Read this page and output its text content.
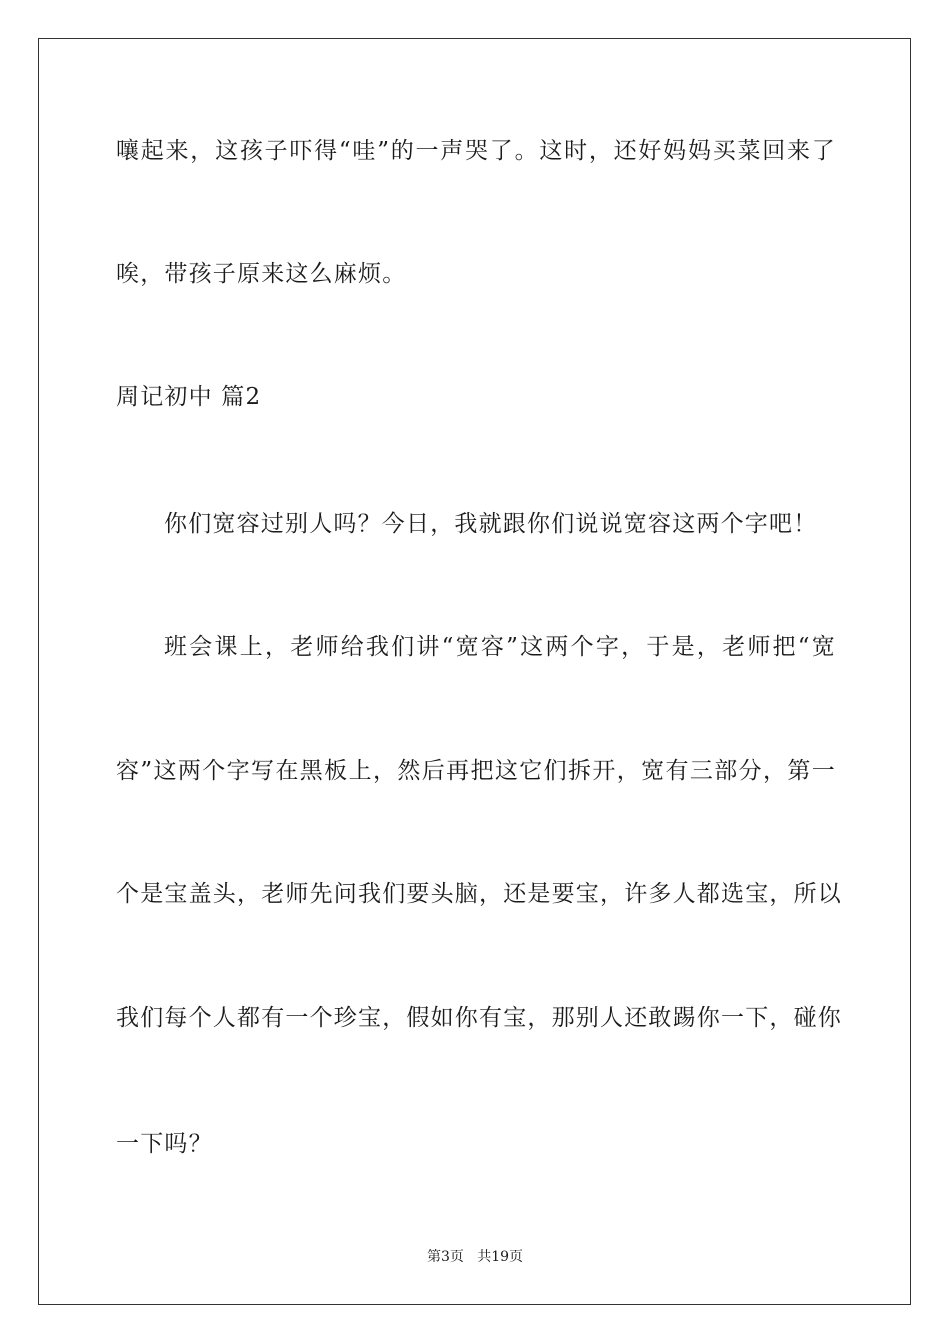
嚷起来，这孩子吓得“哇”的一声哭了。这时，还好妈妈买菜回来了
唉，带孩子原来这么麻烦。
周记初中 篇2
你们宽容过别人吗？今日，我就跟你们说说宽容这两个字吧！
班会课上，老师给我们讲“宽容”这两个字，于是，老师把“宽
容”这两个字写在黑板上，然后再把这它们拆开，宽有三部分，第一
个是宝盖头，老师先问我们要头脑，还是要宝，许多人都选宝，所以
我们每个人都有一个珍宝，假如你有宝，那别人还敢踢你一下，碰你
一下吗？
第3页   共19页
